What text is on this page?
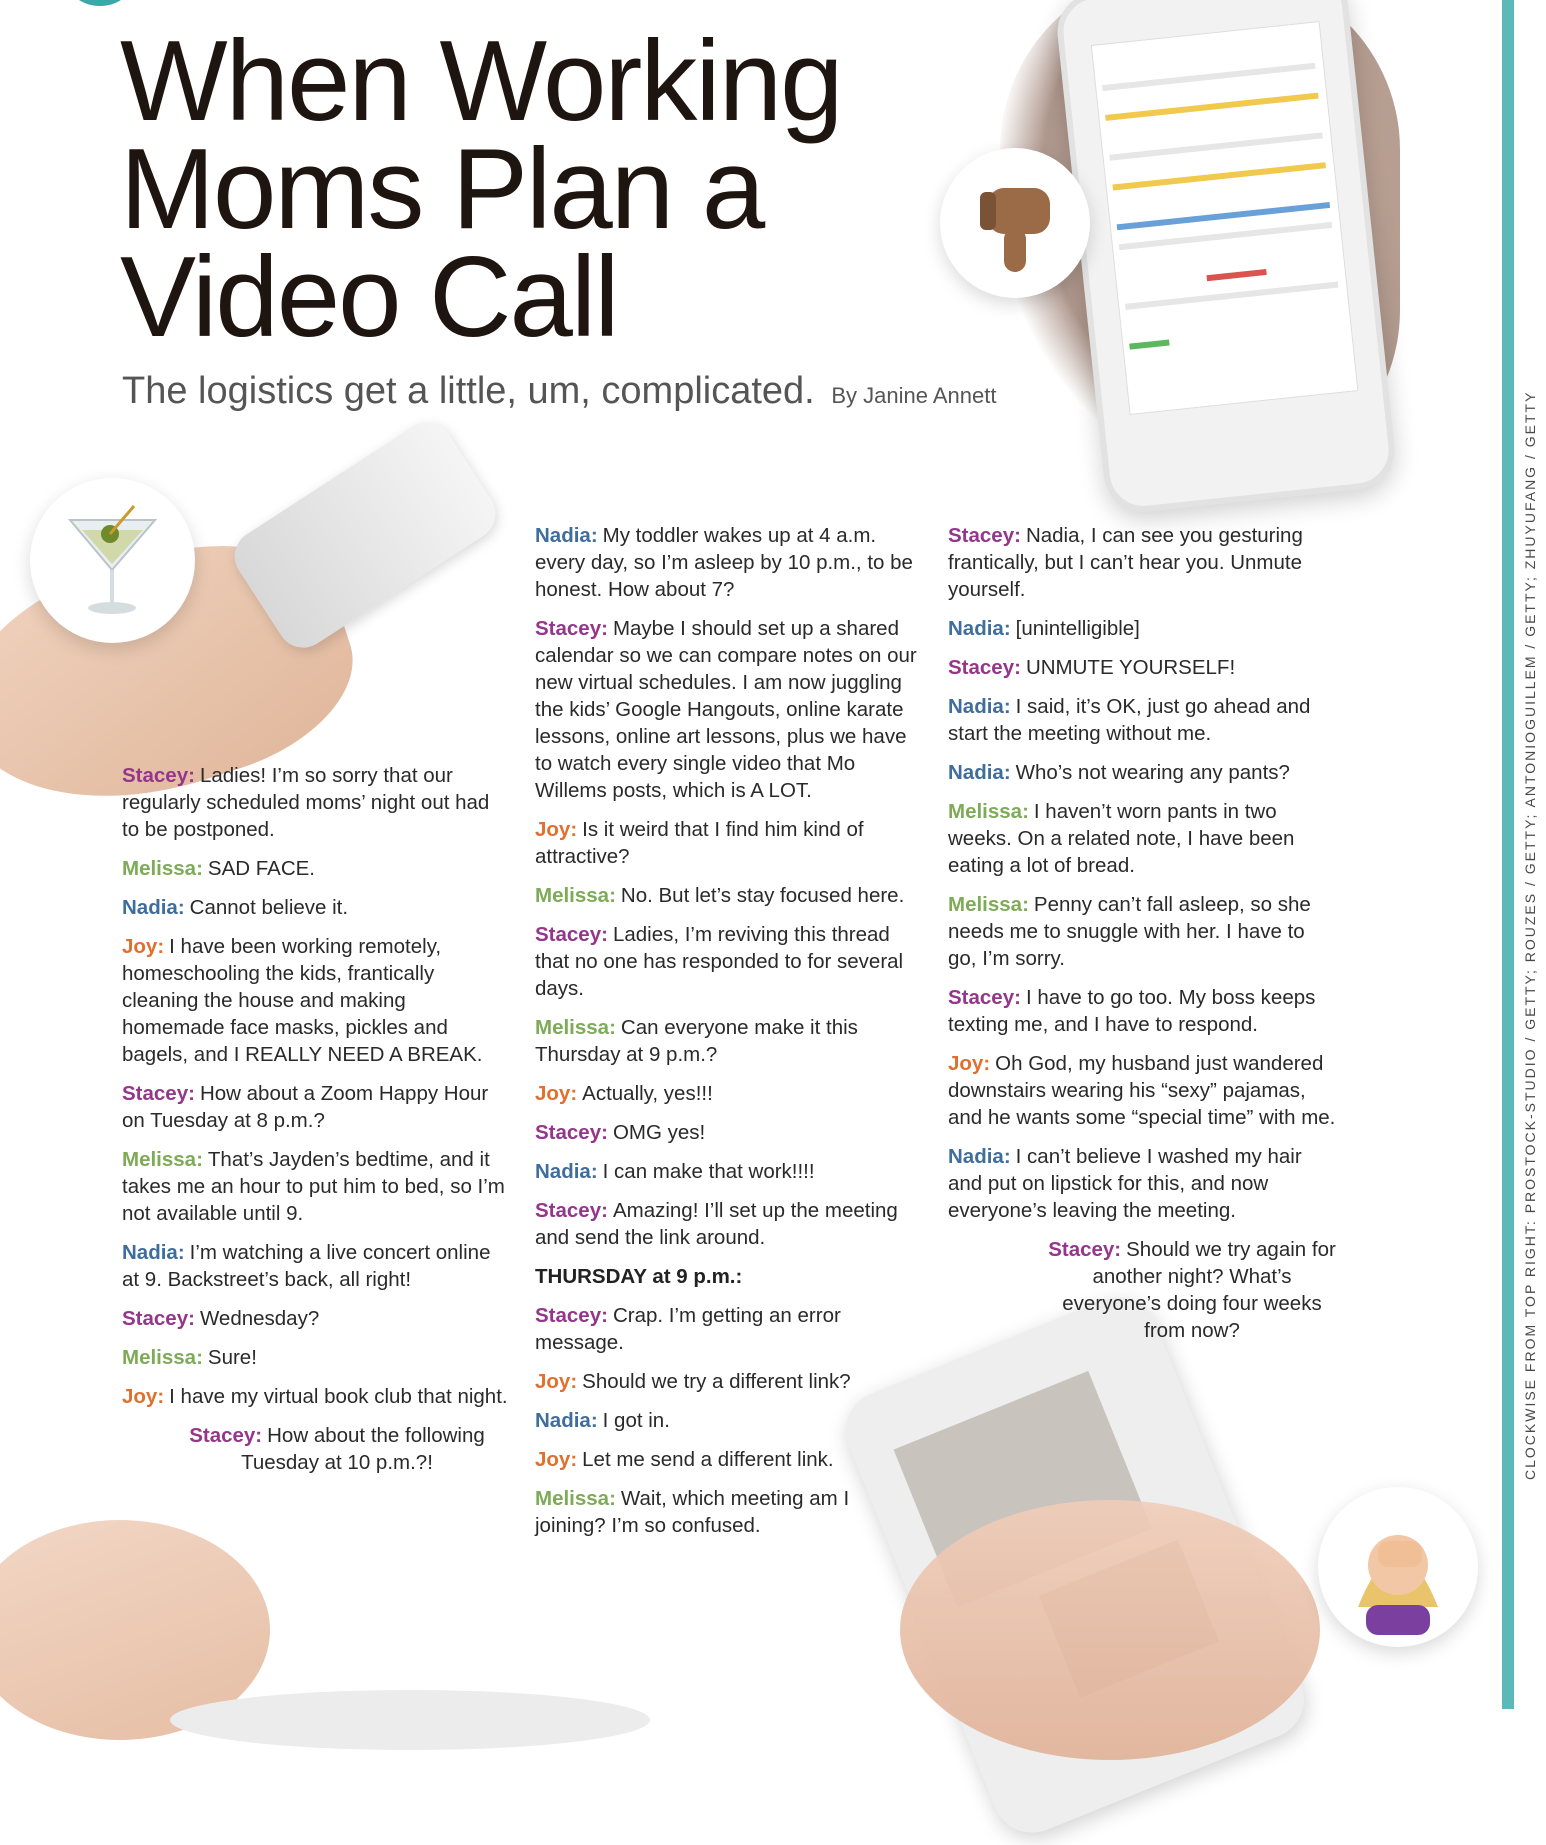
CLOCKWISE FROM TOP RIGHT: PROSTOCK-STUDIO / GETTY; ROUZES / GETTY; ANTONIOGUILLEM / GETTY; ZHUYUFANG / GETTY
When Working
Moms Plan a
Video Call
The logistics get a little, um, complicated. By Janine Annett

Stacey: Ladies! I’m so sorry that our regularly scheduled moms’ night out had to be postponed.

Melissa: SAD FACE.

Nadia: Cannot believe it.

Joy: I have been working remotely, homeschooling the kids, frantically cleaning the house and making homemade face masks, pickles and bagels, and I REALLY NEED A BREAK.

Stacey: How about a Zoom Happy Hour on Tuesday at 8 p.m.?

Melissa: That’s Jayden’s bedtime, and it takes me an hour to put him to bed, so I’m not available until 9.

Nadia: I’m watching a live concert online at 9. Backstreet’s back, all right!

Stacey: Wednesday?

Melissa: Sure!

Joy: I have my virtual book club that night.

Stacey: How about the following Tuesday at 10 p.m.?!

Nadia: My toddler wakes up at 4 a.m. every day, so I’m asleep by 10 p.m., to be honest. How about 7?

Stacey: Maybe I should set up a shared calendar so we can compare notes on our new virtual schedules. I am now juggling the kids’ Google Hangouts, online karate lessons, online art lessons, plus we have to watch every single video that Mo Willems posts, which is A LOT.

Joy: Is it weird that I find him kind of attractive?

Melissa: No. But let’s stay focused here.

Stacey: Ladies, I’m reviving this thread that no one has responded to for several days.

Melissa: Can everyone make it this Thursday at 9 p.m.?

Joy: Actually, yes!!!

Stacey: OMG yes!

Nadia: I can make that work!!!!

Stacey: Amazing! I’ll set up the meeting and send the link around.

THURSDAY at 9 p.m.:

Stacey: Crap. I’m getting an error message.

Joy: Should we try a different link?

Nadia: I got in.

Joy: Let me send a different link.

Melissa: Wait, which meeting am I joining? I’m so confused.

Stacey: Nadia, I can see you gesturing frantically, but I can’t hear you. Unmute yourself.

Nadia: [unintelligible]

Stacey: UNMUTE YOURSELF!

Nadia: I said, it’s OK, just go ahead and start the meeting without me.

Nadia: Who’s not wearing any pants?

Melissa: I haven’t worn pants in two weeks. On a related note, I have been eating a lot of bread.

Melissa: Penny can’t fall asleep, so she needs me to snuggle with her. I have to go, I’m sorry.

Stacey: I have to go too. My boss keeps texting me, and I have to respond.

Joy: Oh God, my husband just wandered downstairs wearing his “sexy” pajamas, and he wants some “special time” with me.

Nadia: I can’t believe I washed my hair and put on lipstick for this, and now everyone’s leaving the meeting.

Stacey: Should we try again for another night? What’s everyone’s doing four weeks from now?
